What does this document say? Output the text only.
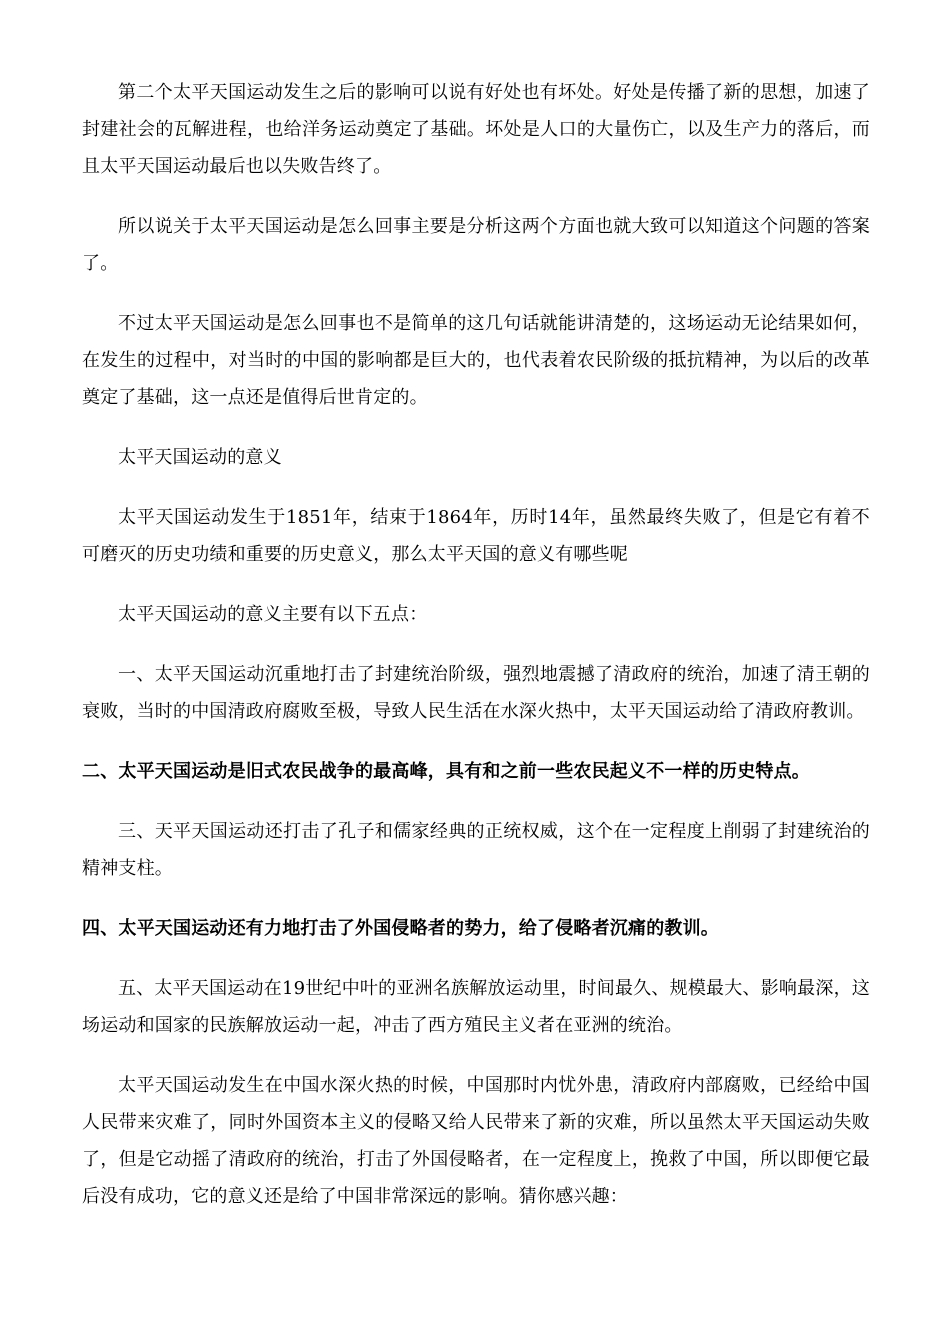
第二个太平天国运动发生之后的影响可以说有好处也有坏处。好处是传播了新的思想，加速了封建社会的瓦解进程，也给洋务运动奠定了基础。坏处是人口的大量伤亡，以及生产力的落后，而且太平天国运动最后也以失败告终了。

所以说关于太平天国运动是怎么回事主要是分析这两个方面也就大致可以知道这个问题的答案了。

不过太平天国运动是怎么回事也不是简单的这几句话就能讲清楚的，这场运动无论结果如何，在发生的过程中，对当时的中国的影响都是巨大的，也代表着农民阶级的抵抗精神，为以后的改革奠定了基础，这一点还是值得后世肯定的。

太平天国运动的意义

太平天国运动发生于1851年，结束于1864年，历时14年，虽然最终失败了，但是它有着不可磨灭的历史功绩和重要的历史意义，那么太平天国的意义有哪些呢

太平天国运动的意义主要有以下五点：

一、太平天国运动沉重地打击了封建统治阶级，强烈地震撼了清政府的统治，加速了清王朝的衰败，当时的中国清政府腐败至极，导致人民生活在水深火热中，太平天国运动给了清政府教训。

二、太平天国运动是旧式农民战争的最高峰，具有和之前一些农民起义不一样的历史特点。

三、天平天国运动还打击了孔子和儒家经典的正统权威，这个在一定程度上削弱了封建统治的精神支柱。

四、太平天国运动还有力地打击了外国侵略者的势力，给了侵略者沉痛的教训。

五、太平天国运动在19世纪中叶的亚洲名族解放运动里，时间最久、规模最大、影响最深，这场运动和国家的民族解放运动一起，冲击了西方殖民主义者在亚洲的统治。

太平天国运动发生在中国水深火热的时候，中国那时内忧外患，清政府内部腐败，已经给中国人民带来灾难了，同时外国资本主义的侵略又给人民带来了新的灾难，所以虽然太平天国运动失败了，但是它动摇了清政府的统治，打击了外国侵略者，在一定程度上，挽救了中国，所以即便它最后没有成功，它的意义还是给了中国非常深远的影响。猜你感兴趣：
